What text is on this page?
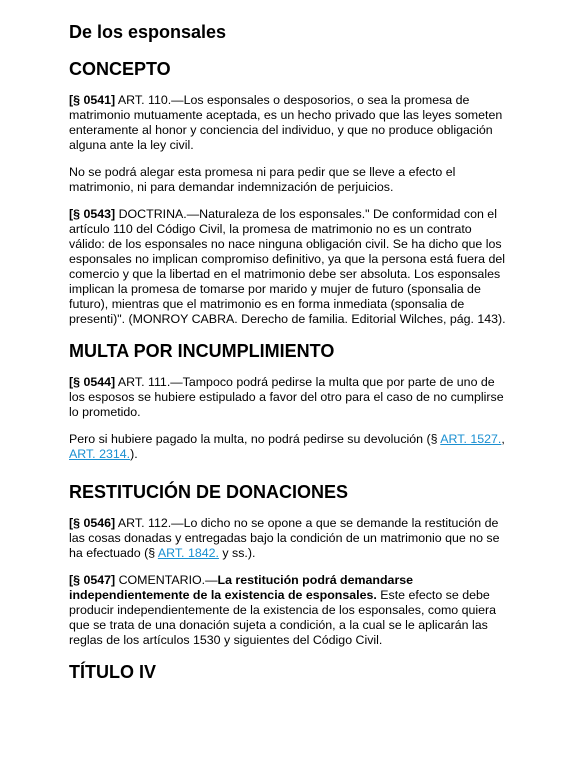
De los esponsales
CONCEPTO

[§ 0541] ART. 110.—Los esponsales o desposorios, o sea la promesa de matrimonio mutuamente aceptada, es un hecho privado que las leyes someten enteramente al honor y conciencia del individuo, y que no produce obligación alguna ante la ley civil.

No se podrá alegar esta promesa ni para pedir que se lleve a efecto el matrimonio, ni para demandar indemnización de perjuicios.

[§ 0543] DOCTRINA.—Naturaleza de los esponsales." De conformidad con el artículo 110 del Código Civil, la promesa de matrimonio no es un contrato válido: de los esponsales no nace ninguna obligación civil. Se ha dicho que los esponsales no implican compromiso definitivo, ya que la persona está fuera del comercio y que la libertad en el matrimonio debe ser absoluta. Los esponsales implican la promesa de tomarse por marido y mujer de futuro (sponsalia de futuro), mientras que el matrimonio es en forma inmediata (sponsalia de presenti)". (MONROY CABRA. Derecho de familia. Editorial Wilches, pág. 143).

MULTA POR INCUMPLIMIENTO

[§ 0544] ART. 111.—Tampoco podrá pedirse la multa que por parte de uno de los esposos se hubiere estipulado a favor del otro para el caso de no cumplirse lo prometido.

Pero si hubiere pagado la multa, no podrá pedirse su devolución (§ ART. 1527., ART. 2314.).

RESTITUCIÓN DE DONACIONES

[§ 0546] ART. 112.—Lo dicho no se opone a que se demande la restitución de las cosas donadas y entregadas bajo la condición de un matrimonio que no se ha efectuado (§ ART. 1842. y ss.).

[§ 0547] COMENTARIO.—La restitución podrá demandarse independientemente de la existencia de esponsales. Este efecto se debe producir independientemente de la existencia de los esponsales, como quiera que se trata de una donación sujeta a condición, a la cual se le aplicarán las reglas de los artículos 1530 y siguientes del Código Civil.

TÍTULO IV
